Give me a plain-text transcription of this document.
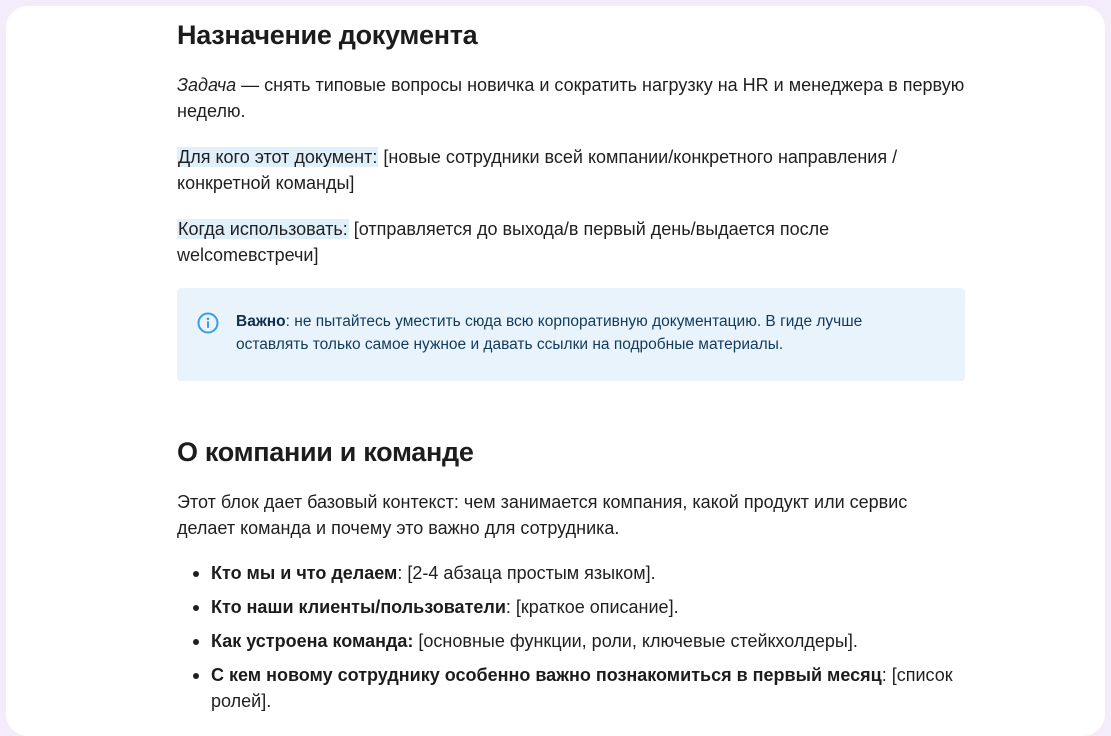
Назначение документа

Задача — снять типовые вопросы новичка и сократить нагрузку на HR и менеджера в первую неделю.

Для кого этот документ: [новые сотрудники всей компании/конкретного направления / конкретной команды]

Когда использовать: [отправляется до выхода/в первый день/выдается после welcomeвстречи]

Важно: не пытайтесь уместить сюда всю корпоративную документацию. В гиде лучше оставлять только самое нужное и давать ссылки на подробные материалы.
О компании и команде

Этот блок дает базовый контекст: чем занимается компания, какой продукт или сервис делает команда и почему это важно для сотрудника.

Кто мы и что делаем: [2-4 абзаца простым языком].
Кто наши клиенты/пользователи: [краткое описание].
Как устроена команда: [основные функции, роли, ключевые стейкхолдеры].
С кем новому сотруднику особенно важно познакомиться в первый месяц: [список ролей].
